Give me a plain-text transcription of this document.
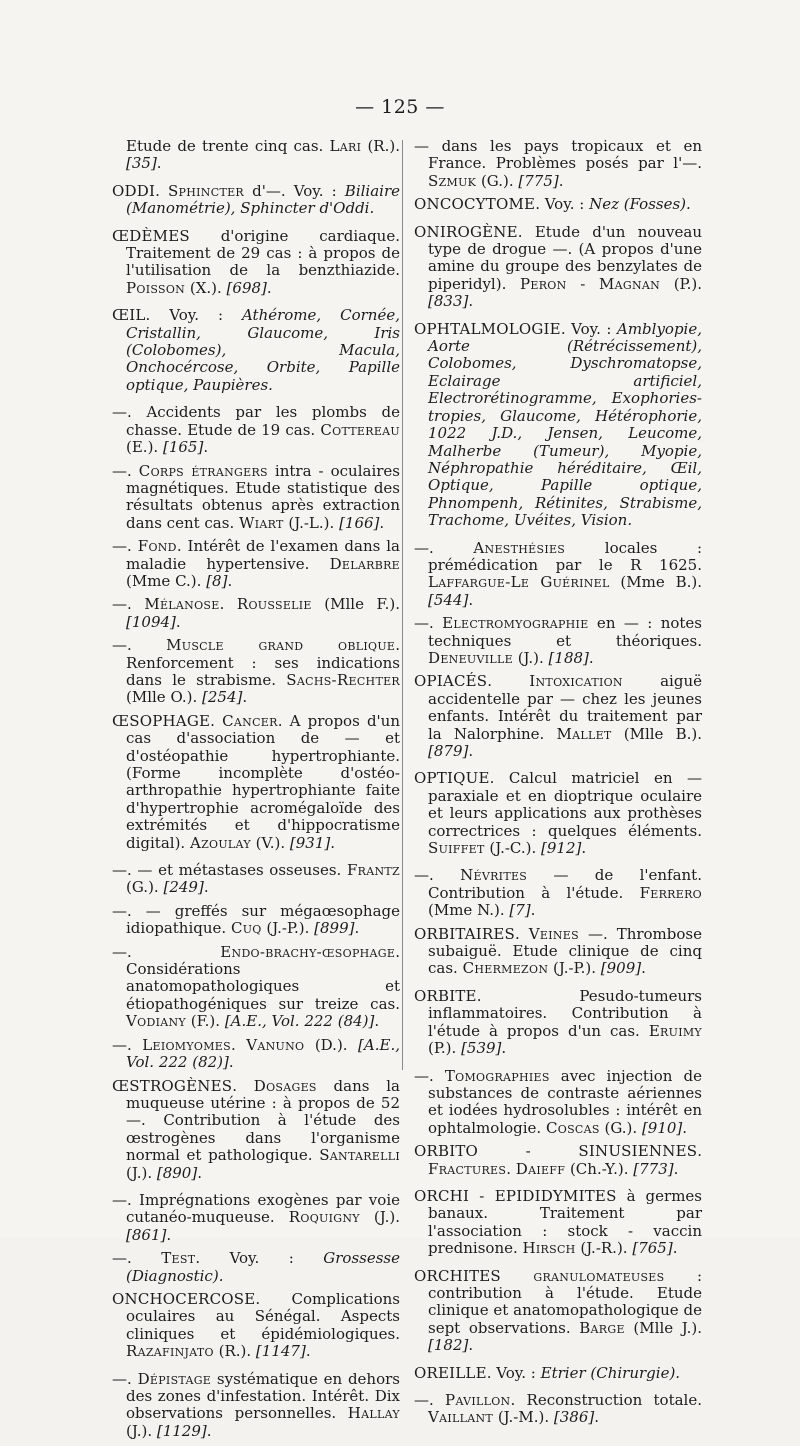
— 125 —

Etude de trente cinq cas. Lari (R.). [35].

ODDI. Sphincter d'—. Voy. : Biliaire (Manométrie), Sphincter d'Oddi.

ŒDÈMES d'origine cardiaque. Traitement de 29 cas : à propos de l'utilisation de la benzthiazide. Poisson (X.). [698].

ŒIL. Voy. : Athérome, Cornée, Cristallin, Glaucome, Iris (Colobomes), Macula, Onchocércose, Orbite, Papille optique, Paupières.

—. Accidents par les plombs de chasse. Etude de 19 cas. Cottereau (E.). [165].

—. Corps étrangers intra - oculaires magnétiques. Etude statistique des résultats obtenus après extraction dans cent cas. Wiart (J.-L.). [166].

—. Fond. Intérêt de l'examen dans la maladie hypertensive. Delarbre (Mme C.). [8].

—. Mélanose. Rousselie (Mlle F.). [1094].

—. Muscle grand oblique. Renforcement : ses indications dans le strabisme. Sachs-Rechter (Mlle O.). [254].

ŒSOPHAGE. Cancer. A propos d'un cas d'association de — et d'ostéopathie hypertrophiante. (Forme incomplète d'ostéo-arthropathie hypertrophiante faite d'hypertrophie acromégaloïde des extrémités et d'hippocratisme digital). Azoulay (V.). [931].

—. — et métastases osseuses. Frantz (G.). [249].

—. — greffés sur mégaœsophage idiopathique. Cuq (J.-P.). [899].

—. Endo-brachy-œsophage. Considérations anatomopathologiques et étiopathogéniques sur treize cas. Vodiany (F.). [A.E., Vol. 222 (84)].

—. Leiomyomes. Vanuno (D.). [A.E., Vol. 222 (82)].

ŒSTROGÈNES. Dosages dans la muqueuse utérine : à propos de 52 —. Contribution à l'étude des œstrogènes dans l'organisme normal et pathologique. Santarelli (J.). [890].

—. Imprégnations exogènes par voie cutanéo-muqueuse. Roquigny (J.). [861].

—. Test. Voy. : Grossesse (Diagnostic).

ONCHOCERCOSE. Complications oculaires au Sénégal. Aspects cliniques et épidémiologiques. Razafinjato (R.). [1147].

—. Dépistage systématique en dehors des zones d'infestation. Intérêt. Dix observations personnelles. Hallay (J.). [1129].

— dans les pays tropicaux et en France. Problèmes posés par l'—. Szmuk (G.). [775].

ONCOCYTOME. Voy. : Nez (Fosses).

ONIROGÈNE. Etude d'un nouveau type de drogue —. (A propos d'une amine du groupe des benzylates de piperidyl). Peron - Magnan (P.). [833].

OPHTALMOLOGIE. Voy. : Amblyopie, Aorte (Rétrécissement), Colobomes, Dyschromatopse, Eclairage artificiel, Electrorétinogramme, Exophories-tropies, Glaucome, Hétérophorie, 1022 J.D., Jensen, Leucome, Malherbe (Tumeur), Myopie, Néphropathie héréditaire, Œil, Optique, Papille optique, Phnompenh, Rétinites, Strabisme, Trachome, Uvéites, Vision.

—. Anesthésies locales : prémédication par le R 1625. Laffargue-Le Guérinel (Mme B.). [544].

—. Electromyographie en — : notes techniques et théoriques. Deneuville (J.). [188].

OPIACÉS. Intoxication aiguë accidentelle par — chez les jeunes enfants. Intérêt du traitement par la Nalorphine. Mallet (Mlle B.). [879].

OPTIQUE. Calcul matriciel en — paraxiale et en dioptrique oculaire et leurs applications aux prothèses correctrices : quelques éléments. Suiffet (J.-C.). [912].

—. Névrites — de l'enfant. Contribution à l'étude. Ferrero (Mme N.). [7].

ORBITAIRES. Veines —. Thrombose subaiguë. Etude clinique de cinq cas. Chermezon (J.-P.). [909].

ORBITE. Pesudo-tumeurs inflammatoires. Contribution à l'étude à propos d'un cas. Eruimy (P.). [539].

—. Tomographies avec injection de substances de contraste aériennes et iodées hydrosolubles : intérêt en ophtalmologie. Coscas (G.). [910].

ORBITO - SINUSIENNES. Fractures. Daieff (Ch.-Y.). [773].

ORCHI - EPIDIDYMITES à germes banaux. Traitement par l'association : stock - vaccin prednisone. Hirsch (J.-R.). [765].

ORCHITES granulomateuses : contribution à l'étude. Etude clinique et anatomopathologique de sept observations. Barge (Mlle J.). [182].

OREILLE. Voy. : Etrier (Chirurgie).

—. Pavillon. Reconstruction totale. Vaillant (J.-M.). [386].
